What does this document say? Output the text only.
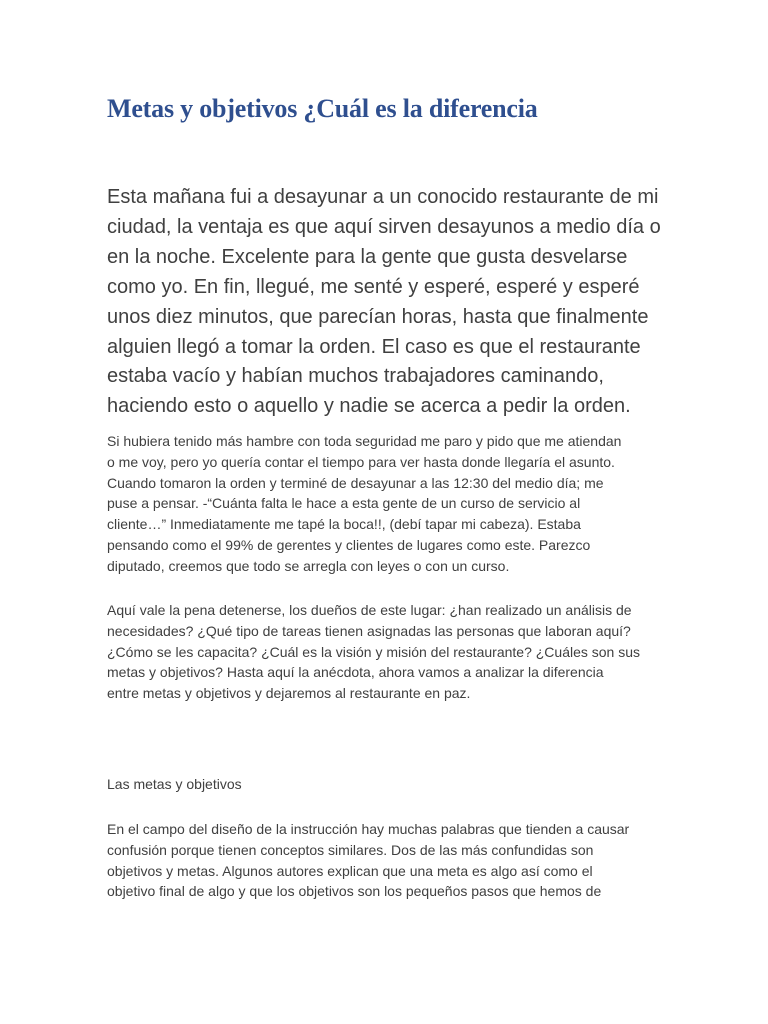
Metas y objetivos ¿Cuál es la diferencia

Esta mañana fui a desayunar a un conocido restaurante de mi
ciudad, la ventaja es que aquí sirven desayunos a medio día o
en la noche. Excelente para la gente que gusta desvelarse
como yo. En fin, llegué, me senté y esperé, esperé y esperé
unos diez minutos, que parecían horas, hasta que finalmente
alguien llegó a tomar la orden. El caso es que el restaurante
estaba vacío y habían muchos trabajadores caminando,
haciendo esto o aquello y nadie se acerca a pedir la orden.

Si hubiera tenido más hambre con toda seguridad me paro y pido que me atiendan
o me voy, pero yo quería contar el tiempo para ver hasta donde llegaría el asunto.
Cuando tomaron la orden y terminé de desayunar a las 12:30 del medio día; me
puse a pensar. -“Cuánta falta le hace a esta gente de un curso de servicio al
cliente…” Inmediatamente me tapé la boca!!, (debí tapar mi cabeza). Estaba
pensando como el 99% de gerentes y clientes de lugares como este. Parezco
diputado, creemos que todo se arregla con leyes o con un curso.

Aquí vale la pena detenerse, los dueños de este lugar: ¿han realizado un análisis de
necesidades? ¿Qué tipo de tareas tienen asignadas las personas que laboran aquí?
¿Cómo se les capacita? ¿Cuál es la visión y misión del restaurante? ¿Cuáles son sus
metas y objetivos? Hasta aquí la anécdota, ahora vamos a analizar la diferencia
entre metas y objetivos y dejaremos al restaurante en paz.

Las metas y objetivos

En el campo del diseño de la instrucción hay muchas palabras que tienden a causar
confusión porque tienen conceptos similares. Dos de las más confundidas son
objetivos y metas. Algunos autores explican que una meta es algo así como el
objetivo final de algo y que los objetivos son los pequeños pasos que hemos de
